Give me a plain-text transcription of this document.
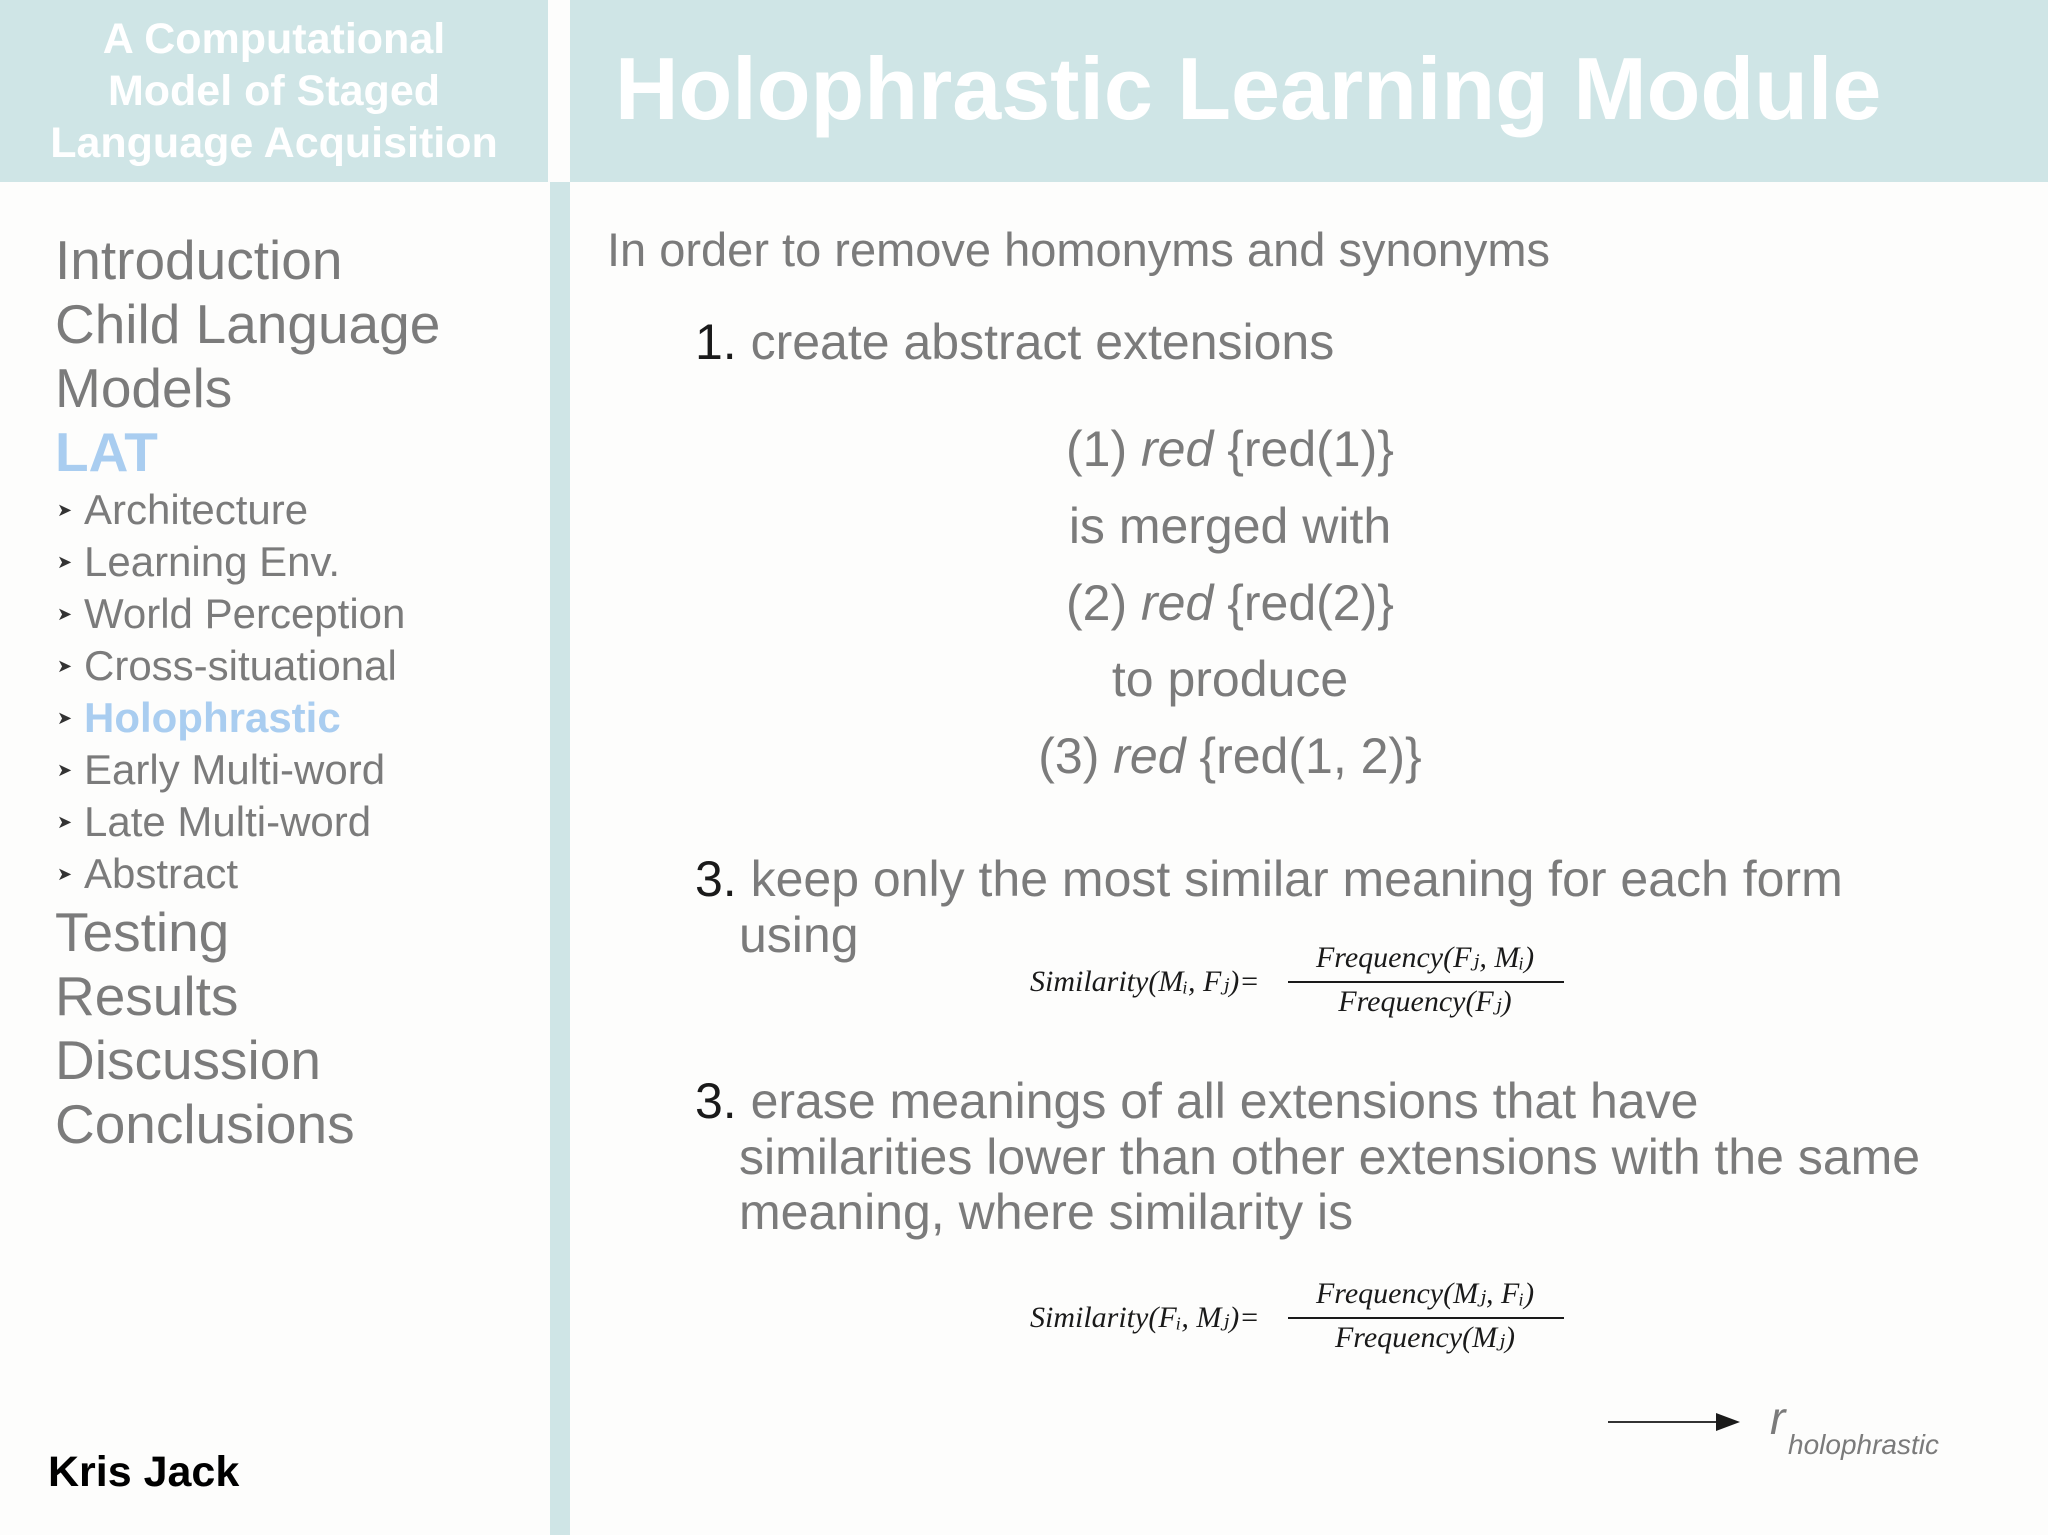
A Computational
Model of Staged
Language Acquisition
Holophrastic Learning Module
Introduction
Child Language
Models
LAT
➤ Architecture
➤ Learning Env.
➤ World Perception
➤ Cross-situational
➤ Holophrastic
➤ Early Multi-word
➤ Late Multi-word
➤ Abstract
Testing
Results
Discussion
Conclusions
Kris Jack
In order to remove homonyms and synonyms
1. create abstract extensions
(1) red {red(1)}
is merged with
(2) red {red(2)}
to produce
(3) red {red(1, 2)}
3. keep only the most similar meaning for each form
using
Similarity(Mᵢ, Fⱼ)=
Frequency(Fⱼ, Mᵢ)
Frequency(Fⱼ)
3. erase meanings of all extensions that have
similarities lower than other extensions with the same
meaning, where similarity is
Similarity(Fᵢ, Mⱼ)=
Frequency(Mⱼ, Fᵢ)
Frequency(Mⱼ)
r
holophrastic
